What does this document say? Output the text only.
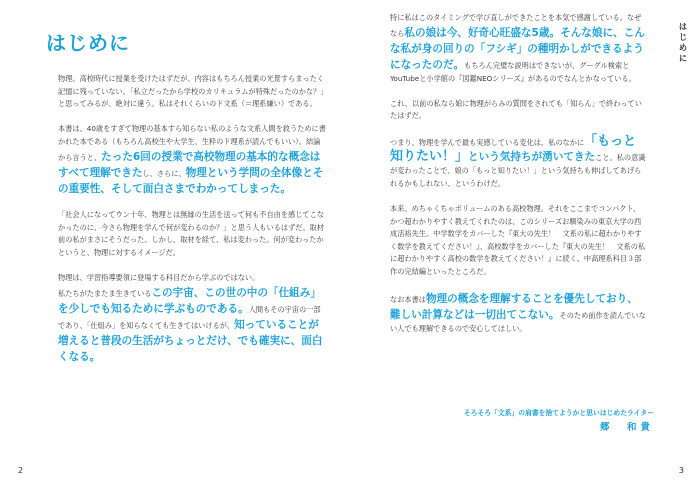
はじめに

物理。高校時代に授業を受けたはずだが、内容はもちろん授業の光景すらまったく記憶に残っていない。「私立だったから学校のカリキュラムが特殊だったのかな？」と思ってみるが、絶対に違う。私はそれくらいのド文系（＝理系嫌い）である。

本書は、40歳をすぎて物理の基本すら知らない私のような文系人間を救うために書かれた本である（もちろん高校生や大学生、生粋のド理系が読んでもいい）。結論から言うと、たった6回の授業で高校物理の基本的な概念はすべて理解できたし、さらに、物理という学問の全体像とその重要性、そして面白さまでわかってしまった。

「社会人になってウン十年、物理とは無縁の生活を送って何も不自由を感じてこなかったのに、今さら物理を学んで何が変わるのか？」と思う人もいるはずだ。取材前の私がまさにそうだった。しかし、取材を経て、私は変わった。何が変わったかというと、物理に対するイメージだ。

物理は、学習指導要領に登場する科目だから学ぶのではない。
私たちがたまたま生きているこの宇宙、この世の中の「仕組み」を少しでも知るために学ぶものである。人間もその宇宙の一部であり、「仕組み」を知らなくても生きてはいけるが、知っていることが増えると普段の生活がちょっとだけ、でも確実に、面白くなる。

2

特に私はこのタイミングで学び直しができたことを本気で感謝している。なぜなら私の娘は今、好奇心旺盛な5歳。そんな娘に、こんな私が身の回りの「フシギ」の種明かしができるようになったのだ。もちろん完璧な説明はできないが、グーグル検索とYouTubeと小学館の『図鑑NEOシリーズ』があるのでなんとかなっている。

これ、以前の私なら娘に物理がらみの質問をされても「知らん」で終わっていたはずだ。

つまり、物理を学んで最も実感している変化は、私のなかに「もっと知りたい！」という気持ちが湧いてきたこと。私の意識が変わったことで、娘の「もっと知りたい！」という気持ちも伸ばしてあげられるかもしれない、というわけだ。

本来、めちゃくちゃボリュームのある高校物理。それをここまでコンパクト、かつ超わかりやすく教えてくれたのは、このシリーズお馴染みの東京大学の西成活裕先生。中学数学をカバーした『東大の先生！　文系の私に超わかりやすく数学を教えてください！』、高校数学をカバーした『東大の先生！　文系の私に超わかりやすく高校の数学を教えてください！』に続く、中高理系科目３部作の完結編といったところだ。

なお本書は物理の概念を理解することを優先しており、難しい計算などは一切出てこない。そのため前作を読んでいない人でも理解できるので安心してほしい。

そろそろ「文系」の肩書を捨てようかと思いはじめたライター
郷　和貴
はじめに
3
